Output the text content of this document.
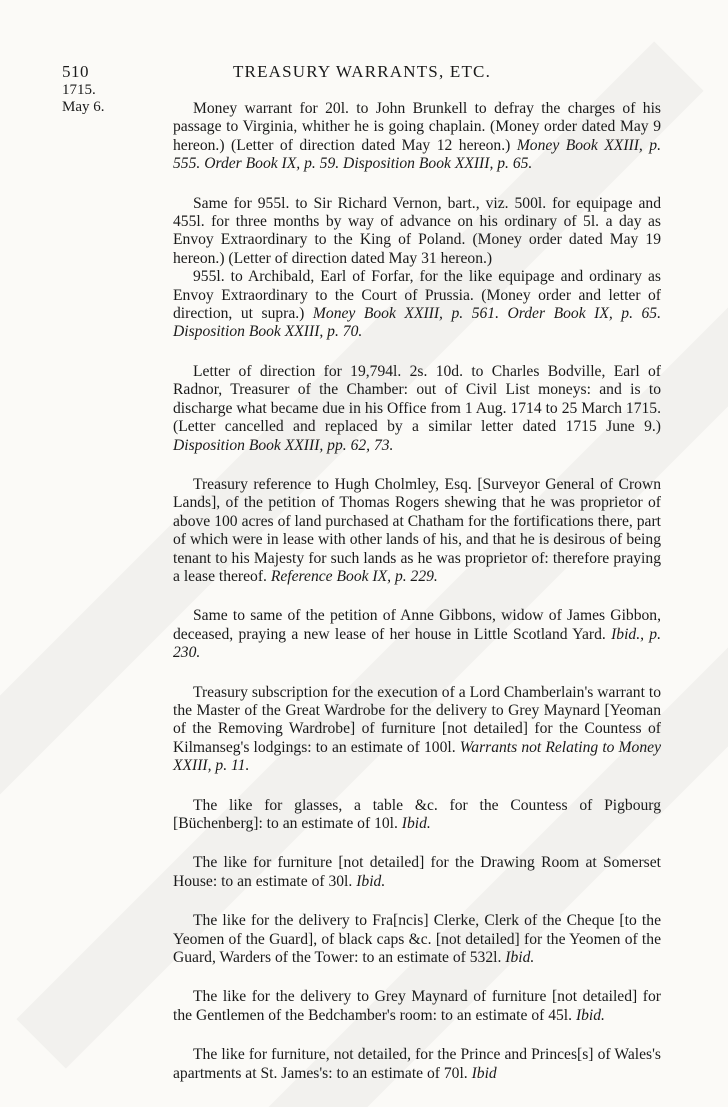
510	TREASURY WARRANTS, ETC.
1715.
May 6.	Money warrant for 20l. to John Brunkell to defray the charges of his passage to Virginia, whither he is going chaplain. (Money order dated May 9 hereon.) (Letter of direction dated May 12 hereon.) Money Book XXIII, p. 555. Order Book IX, p. 59. Disposition Book XXIII, p. 65.

Same for 955l. to Sir Richard Vernon, bart., viz. 500l. for equipage and 455l. for three months by way of advance on his ordinary of 5l. a day as Envoy Extraordinary to the King of Poland. (Money order dated May 19 hereon.) (Letter of direction dated May 31 hereon.)

955l. to Archibald, Earl of Forfar, for the like equipage and ordinary as Envoy Extraordinary to the Court of Prussia. (Money order and letter of direction, ut supra.) Money Book XXIII, p. 561. Order Book IX, p. 65. Disposition Book XXIII, p. 70.

Letter of direction for 19,794l. 2s. 10d. to Charles Bodville, Earl of Radnor, Treasurer of the Chamber: out of Civil List moneys: and is to discharge what became due in his Office from 1 Aug. 1714 to 25 March 1715. (Letter cancelled and replaced by a similar letter dated 1715 June 9.) Disposition Book XXIII, pp. 62, 73.

Treasury reference to Hugh Cholmley, Esq. [Surveyor General of Crown Lands], of the petition of Thomas Rogers shewing that he was proprietor of above 100 acres of land purchased at Chatham for the fortifications there, part of which were in lease with other lands of his, and that he is desirous of being tenant to his Majesty for such lands as he was proprietor of: therefore praying a lease thereof. Reference Book IX, p. 229.

Same to same of the petition of Anne Gibbons, widow of James Gibbon, deceased, praying a new lease of her house in Little Scotland Yard. Ibid., p. 230.

Treasury subscription for the execution of a Lord Chamberlain's warrant to the Master of the Great Wardrobe for the delivery to Grey Maynard [Yeoman of the Removing Wardrobe] of furniture [not detailed] for the Countess of Kilmanseg's lodgings: to an estimate of 100l. Warrants not Relating to Money XXIII, p. 11.

The like for glasses, a table &c. for the Countess of Pigbourg [Büchenberg]: to an estimate of 10l. Ibid.

The like for furniture [not detailed] for the Drawing Room at Somerset House: to an estimate of 30l. Ibid.

The like for the delivery to Fra[ncis] Clerke, Clerk of the Cheque [to the Yeomen of the Guard], of black caps &c. [not detailed] for the Yeomen of the Guard, Warders of the Tower: to an estimate of 532l. Ibid.

The like for the delivery to Grey Maynard of furniture [not detailed] for the Gentlemen of the Bedchamber's room: to an estimate of 45l. Ibid.

The like for furniture, not detailed, for the Prince and Princes[s] of Wales's apartments at St. James's: to an estimate of 70l. Ibid
